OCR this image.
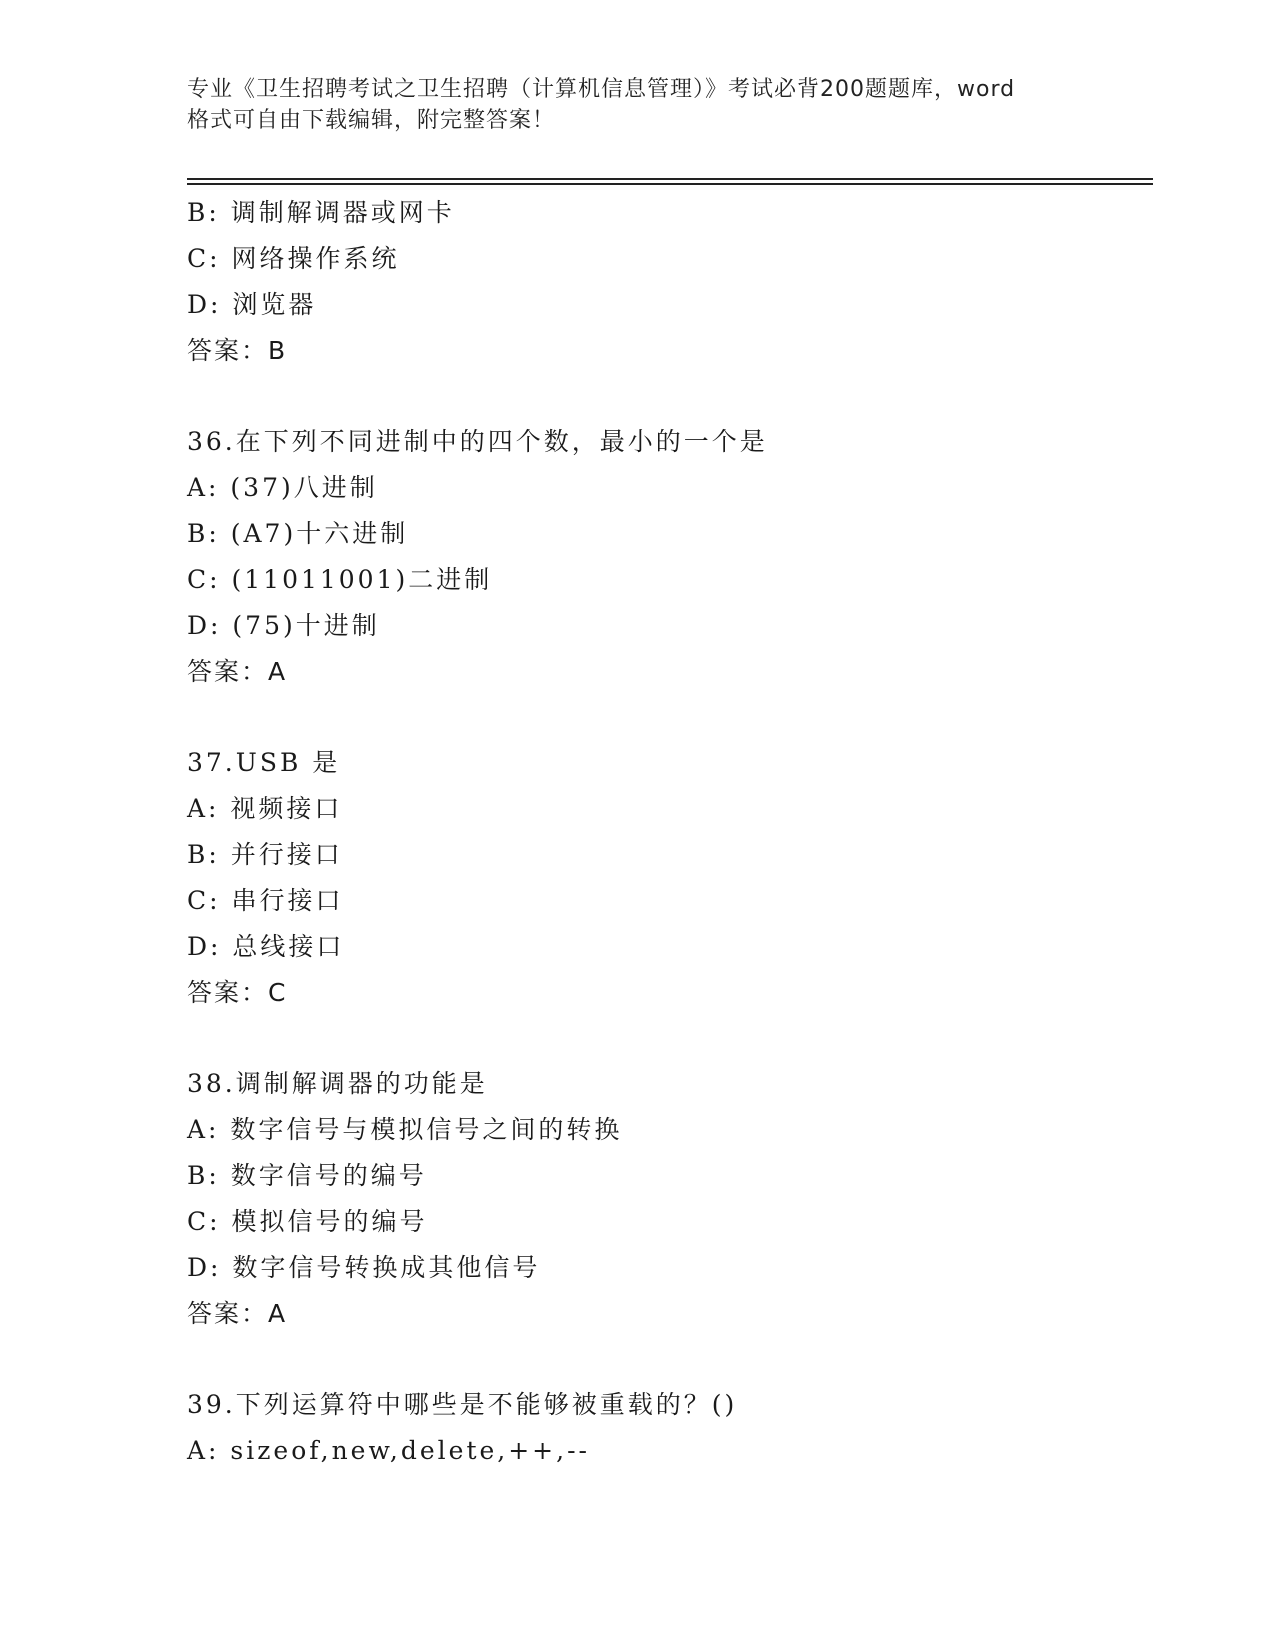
专业《卫生招聘考试之卫生招聘（计算机信息管理）》考试必背200题题库，word
格式可自由下载编辑，附完整答案！
B: 调制解调器或网卡
C: 网络操作系统
D: 浏览器
答案：B
36.在下列不同进制中的四个数，最小的一个是
A: (37)八进制
B: (A7)十六进制
C: (11011001)二进制
D: (75)十进制
答案：A
37.USB 是
A: 视频接口
B: 并行接口
C: 串行接口
D: 总线接口
答案：C
38.调制解调器的功能是
A: 数字信号与模拟信号之间的转换
B: 数字信号的编号
C: 模拟信号的编号
D: 数字信号转换成其他信号
答案：A
39.下列运算符中哪些是不能够被重载的？()
A: sizeof,new,delete,++,--
